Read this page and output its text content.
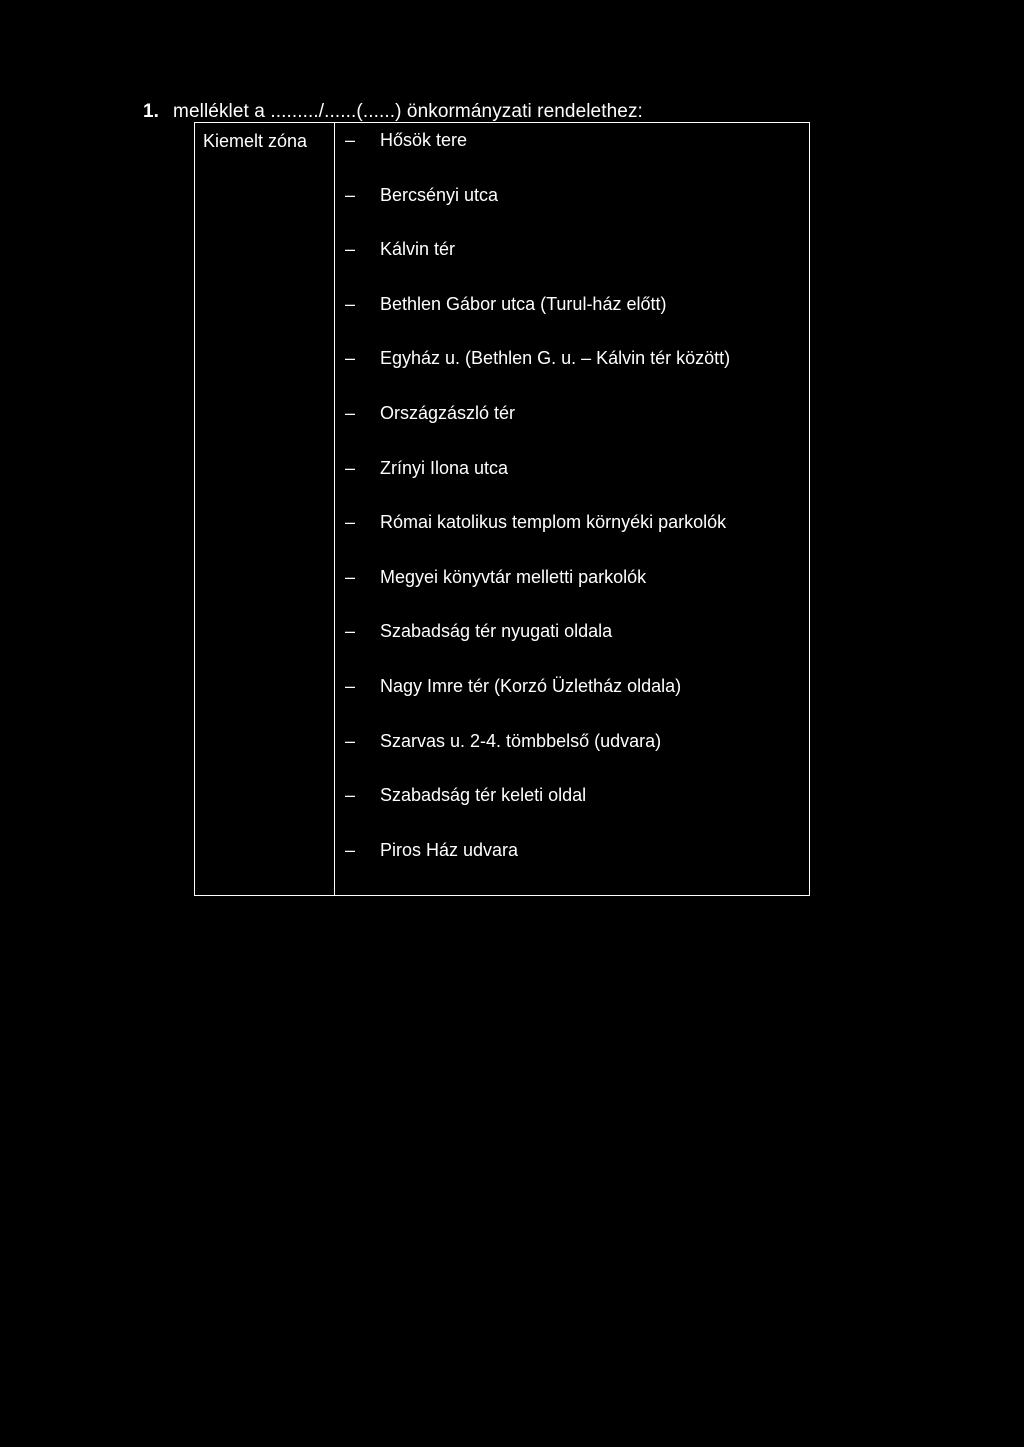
1. melléklet a ........./......(......) önkormányzati rendelethez:
Kiemelt zóna –	Hősök tere
–	Bercsényi utca
–	Kálvin tér
–	Bethlen Gábor utca (Turul-ház előtt)
–	Egyház u. (Bethlen G. u. – Kálvin tér között)
–	Országzászló tér
–	Zrínyi Ilona utca
–	Római katolikus templom környéki parkolók
–	Megyei könyvtár melletti parkolók
–	Szabadság tér nyugati oldala
–	Nagy Imre tér (Korzó Üzletház oldala)
–	Szarvas u. 2-4. tömbbelső (udvara)
–	Szabadság tér keleti oldal
–	Piros Ház udvara
